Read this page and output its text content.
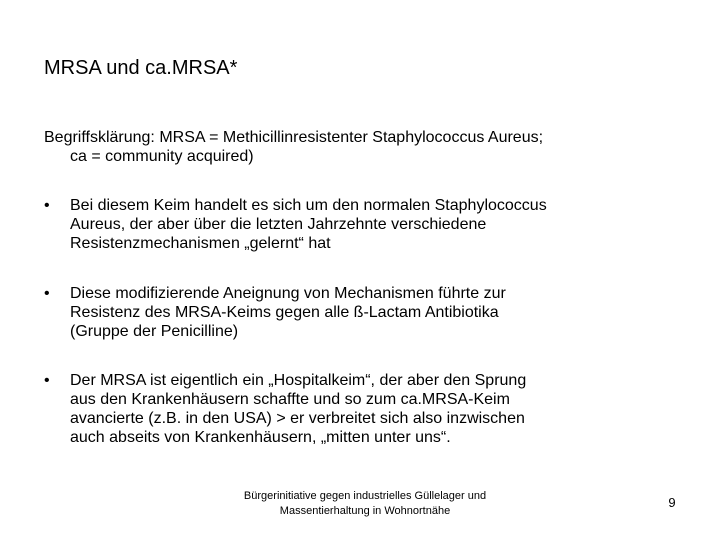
MRSA und ca.MRSA*
Begriffsklärung: MRSA = Methicillinresistenter Staphylococcus Aureus;
ca = community acquired)
•	Bei diesem Keim handelt es sich um den normalen Staphylococcus
Aureus, der aber über die letzten Jahrzehnte verschiedene
Resistenzmechanismen „gelernt“ hat
•	Diese modifizierende Aneignung von Mechanismen führte zur
Resistenz des MRSA-Keims gegen alle ß-Lactam Antibiotika
(Gruppe der Penicilline)
•	Der MRSA ist eigentlich ein „Hospitalkeim“, der aber den Sprung
aus den Krankenhäusern schaffte und so zum ca.MRSA-Keim
avancierte (z.B. in den USA) > er verbreitet sich also inzwischen
auch abseits von Krankenhäusern, „mitten unter uns“.
Bürgerinitiative gegen industrielles Güllelager und
Massentierhaltung in Wohnortnähe
9
